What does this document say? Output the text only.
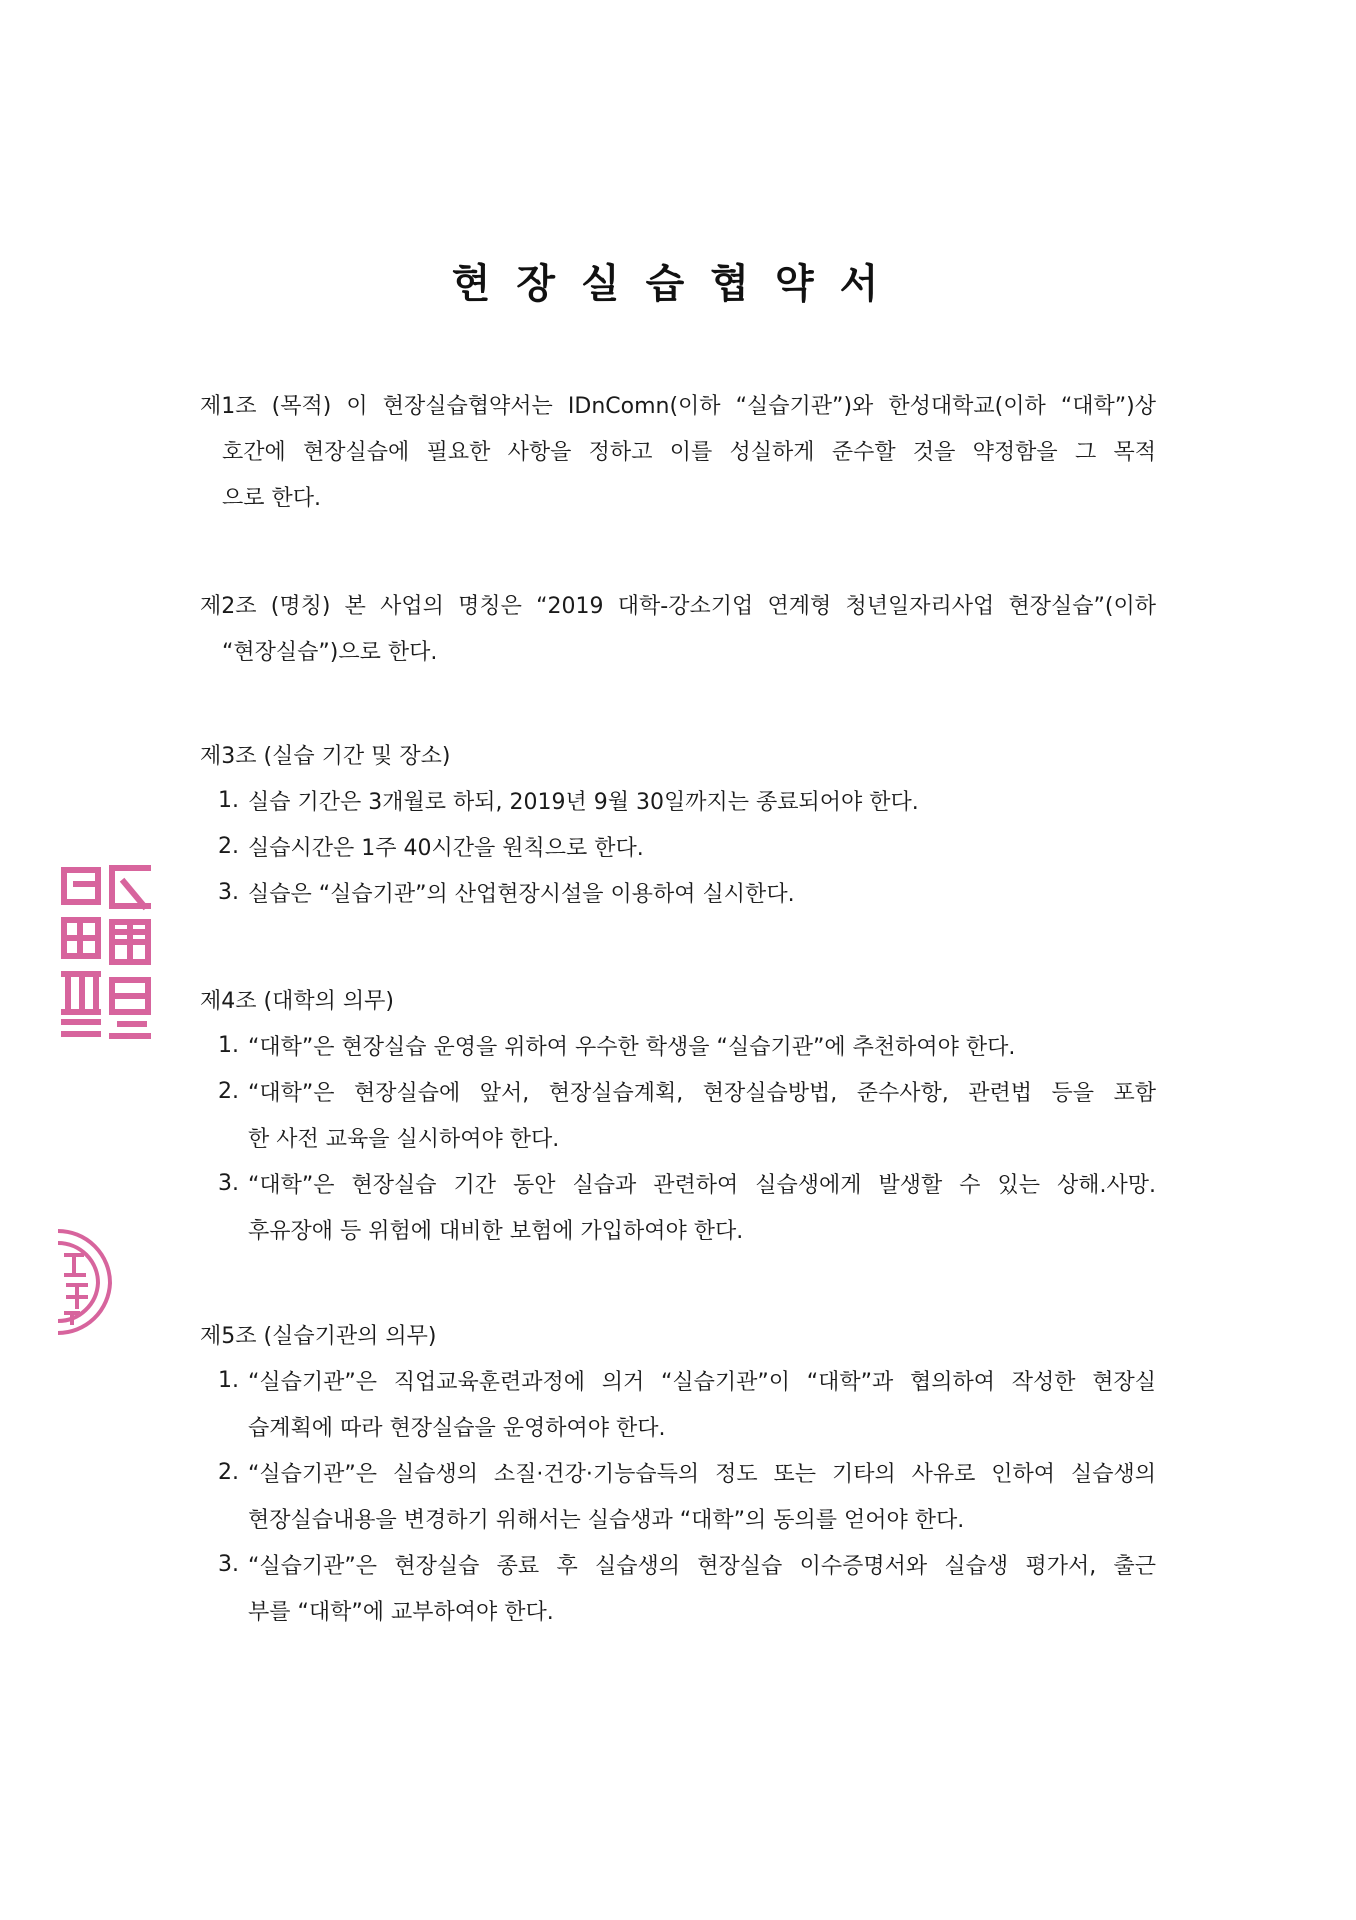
현장실습협약서
제1조 (목적) 이 현장실습협약서는 IDnComn(이하 “실습기관”)와 한성대학교(이하 “대학”)상
호간에 현장실습에 필요한 사항을 정하고 이를 성실하게 준수할 것을 약정함을 그 목적
으로 한다.
제2조 (명칭) 본 사업의 명칭은 “2019 대학-강소기업 연계형 청년일자리사업 현장실습”(이하
“현장실습”)으로 한다.
제3조 (실습 기간 및 장소)
1. 실습 기간은 3개월로 하되, 2019년 9월 30일까지는 종료되어야 한다.
2. 실습시간은 1주 40시간을 원칙으로 한다.
3. 실습은 “실습기관”의 산업현장시설을 이용하여 실시한다.
제4조 (대학의 의무)
1. “대학”은 현장실습 운영을 위하여 우수한 학생을 “실습기관”에 추천하여야 한다.
2. “대학”은 현장실습에 앞서, 현장실습계획, 현장실습방법, 준수사항, 관련법 등을 포함
한 사전 교육을 실시하여야 한다.
3. “대학”은 현장실습 기간 동안 실습과 관련하여 실습생에게 발생할 수 있는 상해.사망.
후유장애 등 위험에 대비한 보험에 가입하여야 한다.
제5조 (실습기관의 의무)
1. “실습기관”은 직업교육훈련과정에 의거 “실습기관”이 “대학”과 협의하여 작성한 현장실
습계획에 따라 현장실습을 운영하여야 한다.
2. “실습기관”은 실습생의 소질·건강·기능습득의 정도 또는 기타의 사유로 인하여 실습생의
현장실습내용을 변경하기 위해서는 실습생과 “대학”의 동의를 얻어야 한다.
3. “실습기관”은 현장실습 종료 후 실습생의 현장실습 이수증명서와 실습생 평가서, 출근
부를 “대학”에 교부하여야 한다.
